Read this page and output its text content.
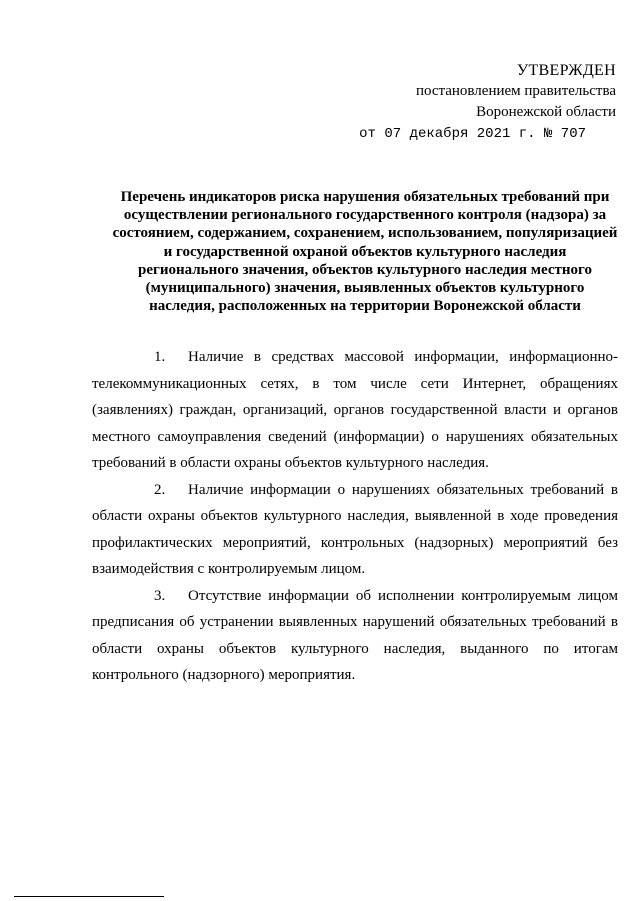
УТВЕРЖДЕН
постановлением правительства
Воронежской области
от 07 декабря 2021 г. № 707
Перечень индикаторов риска нарушения обязательных требований при осуществлении регионального государственного контроля (надзора) за состоянием, содержанием, сохранением, использованием, популяризацией и государственной охраной объектов культурного наследия регионального значения, объектов культурного наследия местного (муниципального) значения, выявленных объектов культурного наследия, расположенных на территории Воронежской области

1. Наличие в средствах массовой информации, информационно-телекоммуникационных сетях, в том числе сети Интернет, обращениях (заявлениях) граждан, организаций, органов государственной власти и органов местного самоуправления сведений (информации) о нарушениях обязательных требований в области охраны объектов культурного наследия.

2. Наличие информации о нарушениях обязательных требований в области охраны объектов культурного наследия, выявленной в ходе проведения профилактических мероприятий, контрольных (надзорных) мероприятий без взаимодействия с контролируемым лицом.

3. Отсутствие информации об исполнении контролируемым лицом предписания об устранении выявленных нарушений обязательных требований в области охраны объектов культурного наследия, выданного по итогам контрольного (надзорного) мероприятия.
